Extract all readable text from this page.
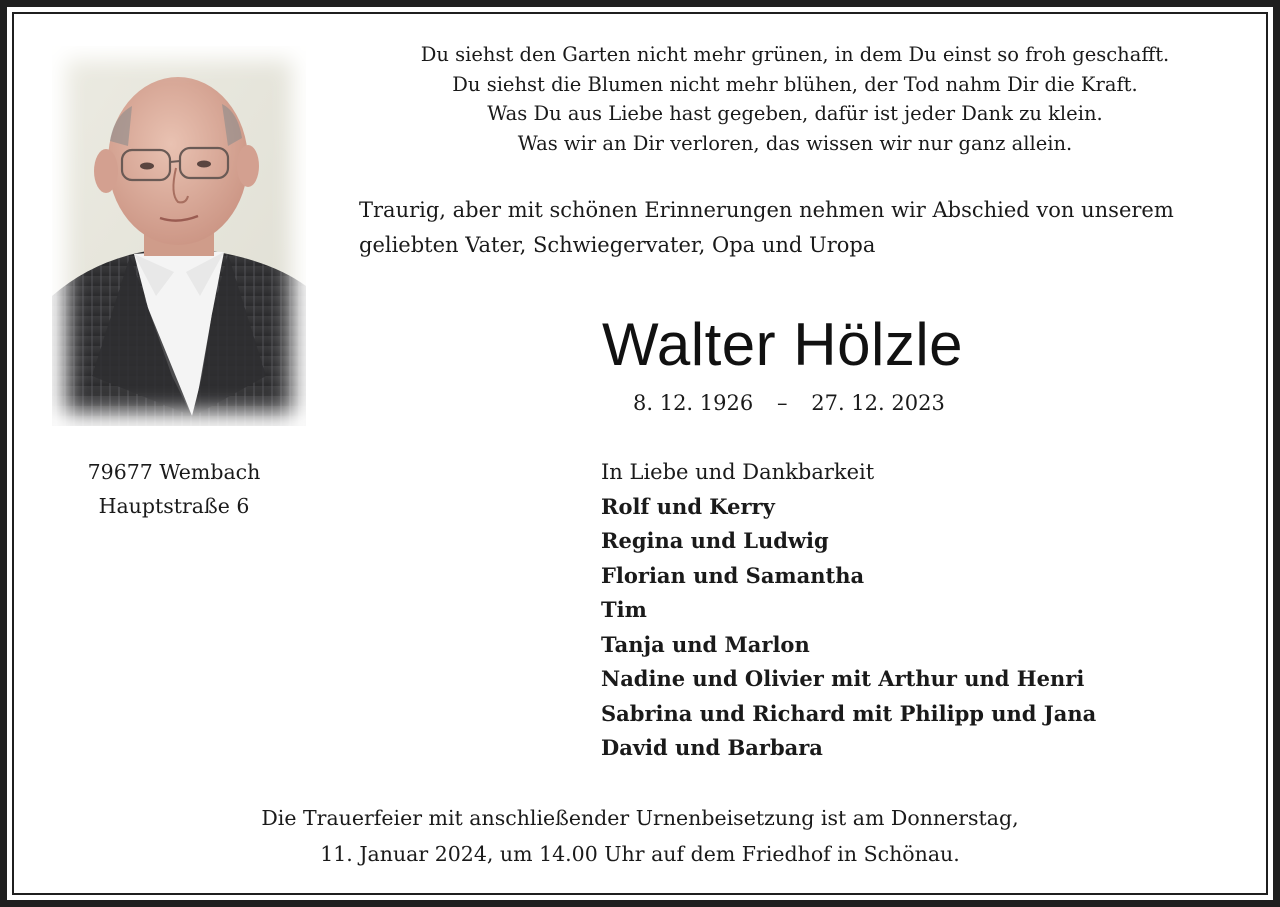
Du siehst den Garten nicht mehr grünen, in dem Du einst so froh geschafft.
Du siehst die Blumen nicht mehr blühen, der Tod nahm Dir die Kraft.
Was Du aus Liebe hast gegeben, dafür ist jeder Dank zu klein.
Was wir an Dir verloren, das wissen wir nur ganz allein.
Traurig, aber mit schönen Erinnerungen nehmen wir Abschied von unserem
geliebten Vater, Schwiegervater, Opa und Uropa
Walter Hölzle
8. 12. 1926 – 27. 12. 2023
79677 Wembach
Hauptstraße 6
In Liebe und Dankbarkeit
Rolf und Kerry
Regina und Ludwig
Florian und Samantha
Tim
Tanja und Marlon
Nadine und Olivier mit Arthur und Henri
Sabrina und Richard mit Philipp und Jana
David und Barbara
Die Trauerfeier mit anschließender Urnenbeisetzung ist am Donnerstag,
11. Januar 2024, um 14.00 Uhr auf dem Friedhof in Schönau.
